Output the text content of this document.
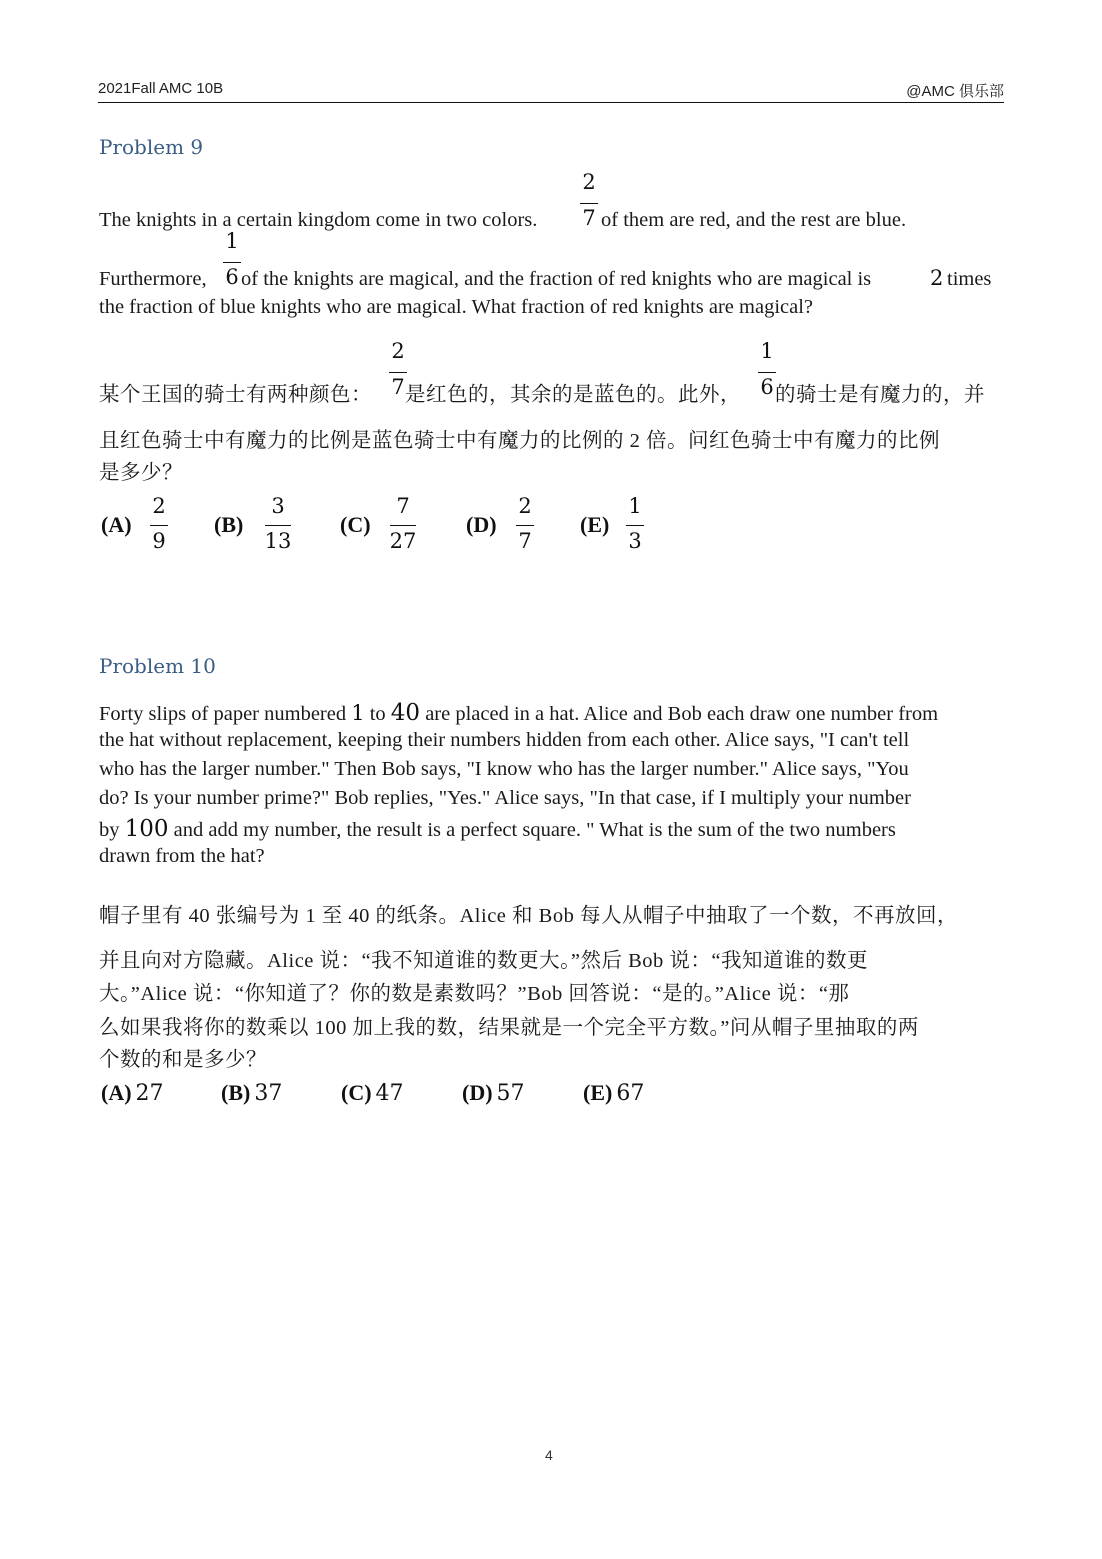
2021Fall AMC 10B	@AMC 俱乐部
Problem 9
The knights in a certain kingdom come in two colors.
2
7 of them are red, and the rest are blue.
Furthermore,
1
6 of the knights are magical, and the fraction of red knights who are magical is	2 times
the fraction of blue knights who are magical. What fraction of red knights are magical?
某个王国的骑士有两种颜色：
2
7 是红色的，其余的是蓝色的。此外，
1
6 的骑士是有魔力的，并
且红色骑士中有魔力的比例是蓝色骑士中有魔力的比例的 2 倍。问红色骑士中有魔力的比例
是多少？
(A)
2
9
(B)
3
13
(C)
7
27
(D)
2
7
(E)
1
3
Problem 10
Forty slips of paper numbered 1 to 40 are placed in a hat. Alice and Bob each draw one number from
the hat without replacement, keeping their numbers hidden from each other. Alice says, "I can't tell
who has the larger number." Then Bob says, "I know who has the larger number." Alice says, "You
do? Is your number prime?" Bob replies, "Yes." Alice says, "In that case, if I multiply your number
by 100 and add my number, the result is a perfect square. " What is the sum of the two numbers
drawn from the hat?
帽子里有 40 张编号为 1 至 40 的纸条。Alice 和 Bob 每人从帽子中抽取了一个数，不再放回，
并且向对方隐藏。Alice 说：“我不知道谁的数更大。”然后 Bob 说：“我知道谁的数更
大。”Alice 说：“你知道了？你的数是素数吗？”Bob 回答说：“是的。”Alice 说：“那
么如果我将你的数乘以 100 加上我的数，结果就是一个完全平方数。”问从帽子里抽取的两
个数的和是多少？
(A) 27	(B) 37	(C) 47	(D) 57	(E) 67
4
